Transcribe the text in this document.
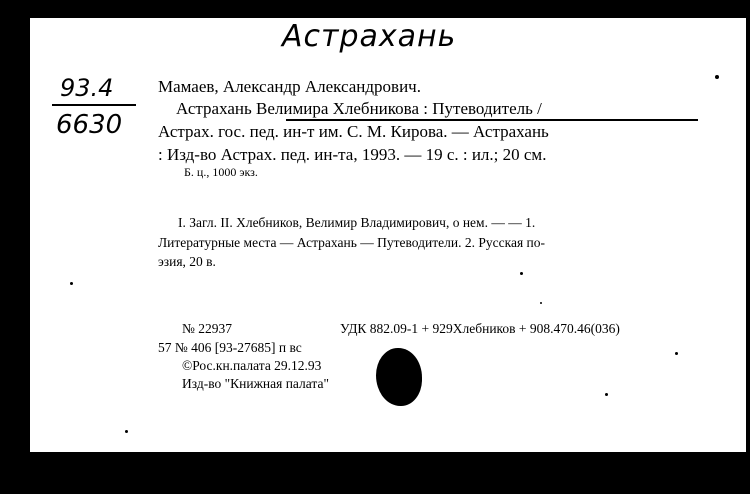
Астрахань
93.4
6630
Мамаев, Александр Александрович.
Астрахань Велимира Хлебникова : Путеводитель /
Астрах. гос. пед. ин-т им. С. М. Кирова. — Астрахань
: Изд-во Астрах. пед. ин-та, 1993. — 19 с. : ил.; 20 см.
Б. ц., 1000 экз.
I. Загл. II. Хлебников, Велимир Владимирович, о нем. — — 1.
Литературные места — Астрахань — Путеводители. 2. Русская по-
эзия, 20 в.
№ 22937	УДК 882.09-1 + 929Хлебников + 908.470.46(036)
57 № 406 [93-27685] п вс
©Рос.кн.палата 29.12.93
Изд-во "Книжная палата"
